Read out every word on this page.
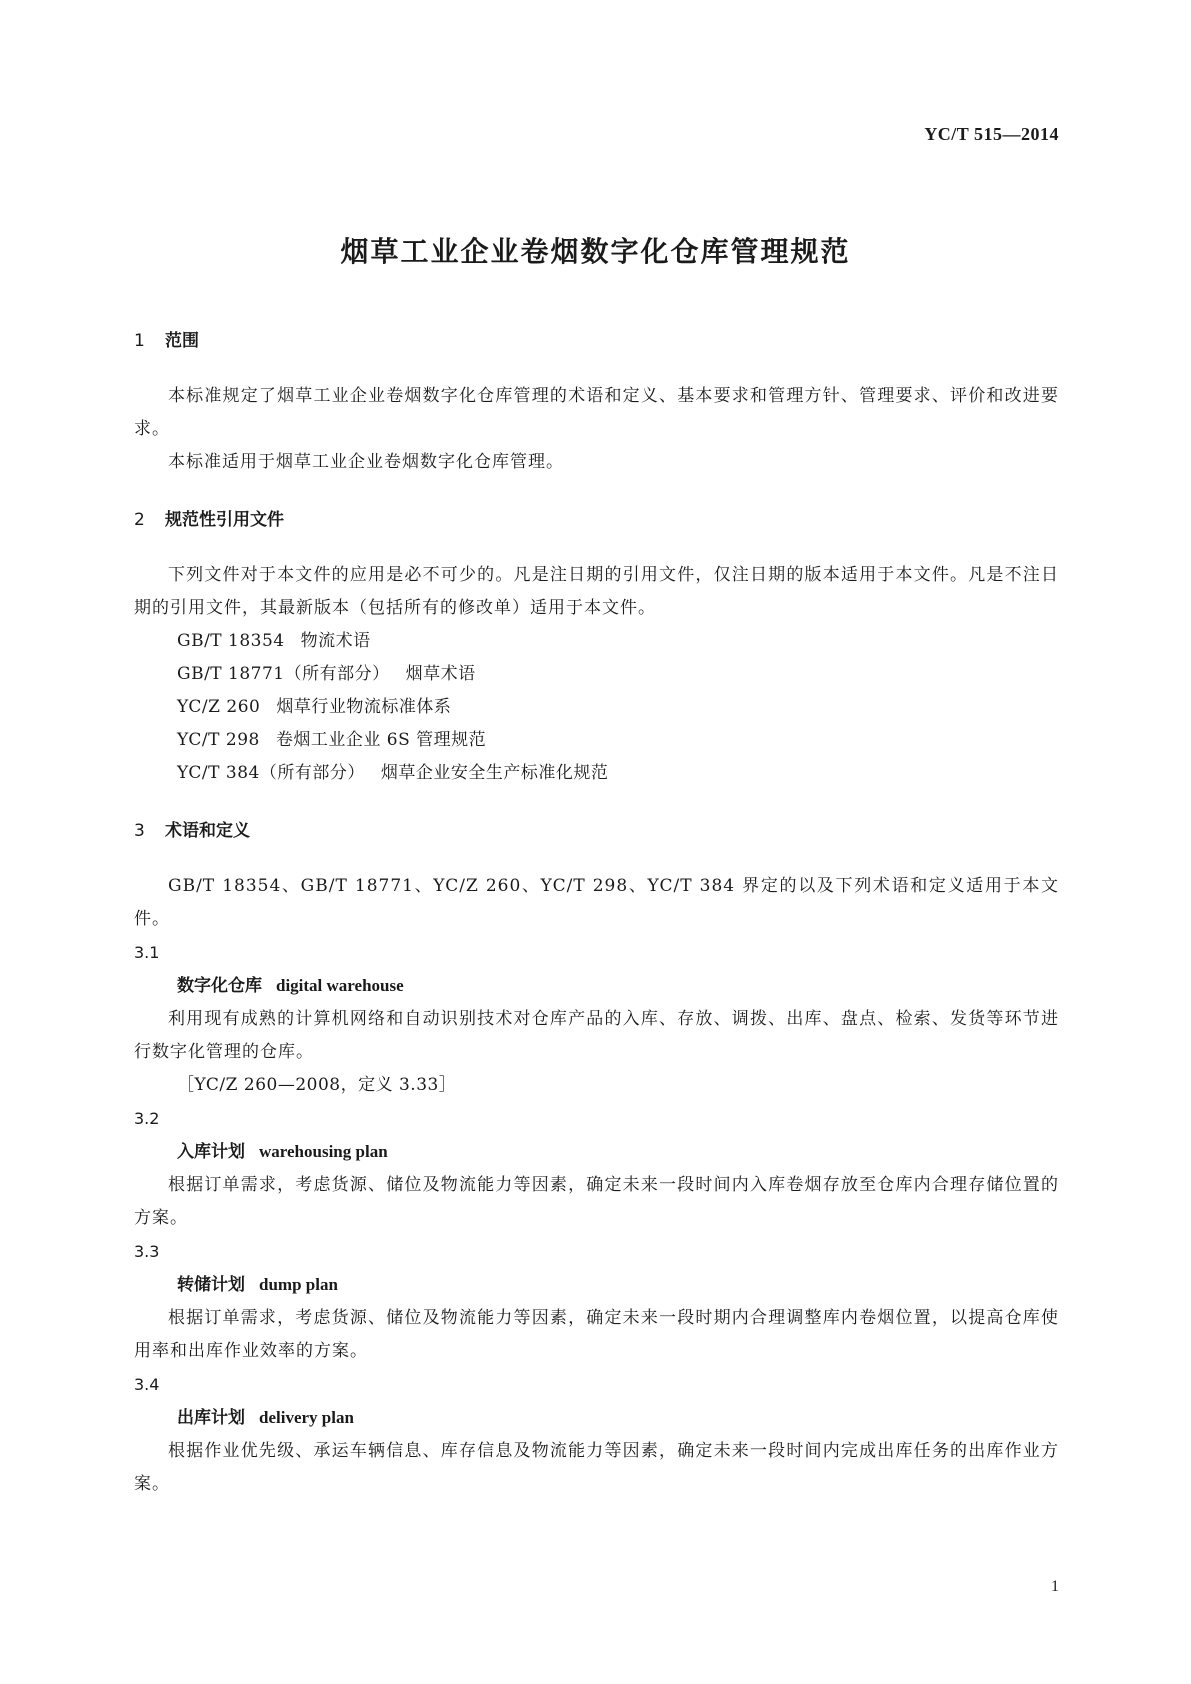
YC/T 515—2014
烟草工业企业卷烟数字化仓库管理规范
1 范围
本标准规定了烟草工业企业卷烟数字化仓库管理的术语和定义、基本要求和管理方针、管理要求、评价和改进要求。
本标准适用于烟草工业企业卷烟数字化仓库管理。
2 规范性引用文件
下列文件对于本文件的应用是必不可少的。凡是注日期的引用文件，仅注日期的版本适用于本文件。凡是不注日期的引用文件，其最新版本（包括所有的修改单）适用于本文件。
GB/T 18354 物流术语
GB/T 18771（所有部分） 烟草术语
YC/Z 260 烟草行业物流标准体系
YC/T 298 卷烟工业企业 6S 管理规范
YC/T 384（所有部分） 烟草企业安全生产标准化规范
3 术语和定义
GB/T 18354、GB/T 18771、YC/Z 260、YC/T 298、YC/T 384 界定的以及下列术语和定义适用于本文件。
3.1
数字化仓库 digital warehouse
利用现有成熟的计算机网络和自动识别技术对仓库产品的入库、存放、调拨、出库、盘点、检索、发货等环节进行数字化管理的仓库。
［YC/Z 260—2008，定义 3.33］
3.2
入库计划 warehousing plan
根据订单需求，考虑货源、储位及物流能力等因素，确定未来一段时间内入库卷烟存放至仓库内合理存储位置的方案。
3.3
转储计划 dump plan
根据订单需求，考虑货源、储位及物流能力等因素，确定未来一段时期内合理调整库内卷烟位置，以提高仓库使用率和出库作业效率的方案。
3.4
出库计划 delivery plan
根据作业优先级、承运车辆信息、库存信息及物流能力等因素，确定未来一段时间内完成出库任务的出库作业方案。
1
